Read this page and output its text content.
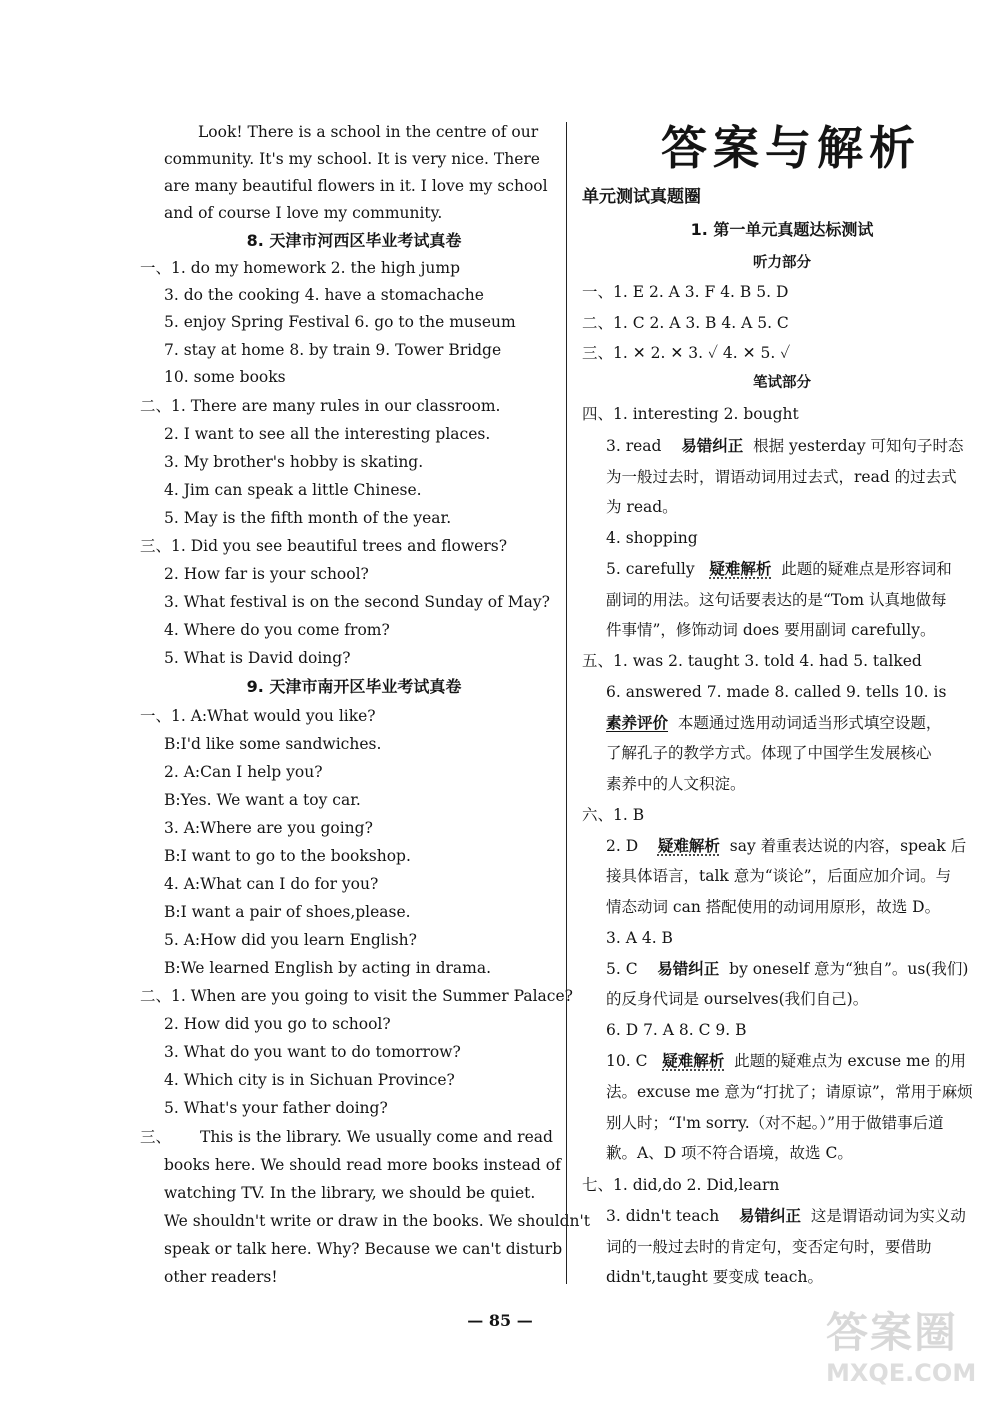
Look! There is a school in the centre of our
community. It's my school. It is very nice. There
are many beautiful flowers in it. I love my school
and of course I love my community.
8. 天津市河西区毕业考试真卷
一、1. do my homework 2. the high jump
3. do the cooking 4. have a stomachache
5. enjoy Spring Festival 6. go to the museum
7. stay at home 8. by train 9. Tower Bridge
10. some books
二、1. There are many rules in our classroom.
2. I want to see all the interesting places.
3. My brother's hobby is skating.
4. Jim can speak a little Chinese.
5. May is the fifth month of the year.
三、1. Did you see beautiful trees and flowers?
2. How far is your school?
3. What festival is on the second Sunday of May?
4. Where do you come from?
5. What is David doing?
9. 天津市南开区毕业考试真卷
一、1. A:What would you like?
B:I'd like some sandwiches.
2. A:Can I help you?
B:Yes. We want a toy car.
3. A:Where are you going?
B:I want to go to the bookshop.
4. A:What can I do for you?
B:I want a pair of shoes,please.
5. A:How did you learn English?
B:We learned English by acting in drama.
二、1. When are you going to visit the Summer Palace?
2. How did you go to school?
3. What do you want to do tomorrow?
4. Which city is in Sichuan Province?
5. What's your father doing?
三、 This is the library. We usually come and read
books here. We should read more books instead of
watching TV. In the library, we should be quiet.
We shouldn't write or draw in the books. We shouldn't
speak or talk here. Why? Because we can't disturb
other readers!
答案与解析
单元测试真题圈
1. 第一单元真题达标测试
听力部分
一、1. E 2. A 3. F 4. B 5. D
二、1. C 2. A 3. B 4. A 5. C
三、1. ✕ 2. ✕ 3. ✓ 4. ✕ 5. ✓
笔试部分
四、1. interesting 2. bought
3. read 易错纠正 根据 yesterday 可知句子时态
为一般过去时，谓语动词用过去式，read 的过去式
为 read。
4. shopping
5. carefully 疑难解析 此题的疑难点是形容词和
副词的用法。这句话要表达的是“Tom 认真地做每
件事情”，修饰动词 does 要用副词 carefully。
五、1. was 2. taught 3. told 4. had 5. talked
6. answered 7. made 8. called 9. tells 10. is
素养评价 本题通过选用动词适当形式填空设题，
了解孔子的教学方式。体现了中国学生发展核心
素养中的人文积淀。
六、1. B
2. D 疑难解析 say 着重表达说的内容，speak 后
接具体语言，talk 意为“谈论”，后面应加介词。与
情态动词 can 搭配使用的动词用原形，故选 D。
3. A 4. B
5. C 易错纠正 by oneself 意为“独自”。us(我们)
的反身代词是 ourselves(我们自己)。
6. D 7. A 8. C 9. B
10. C 疑难解析 此题的疑难点为 excuse me 的用
法。excuse me 意为“打扰了；请原谅”，常用于麻烦
别人时；“I'm sorry.（对不起。）”用于做错事后道
歉。A、D 项不符合语境，故选 C。
七、1. did,do 2. Did,learn
3. didn't teach 易错纠正 这是谓语动词为实义动
词的一般过去时的肯定句，变否定句时，要借助
didn't,taught 要变成 teach。
— 85 —	答案圈
MXQE.COM
